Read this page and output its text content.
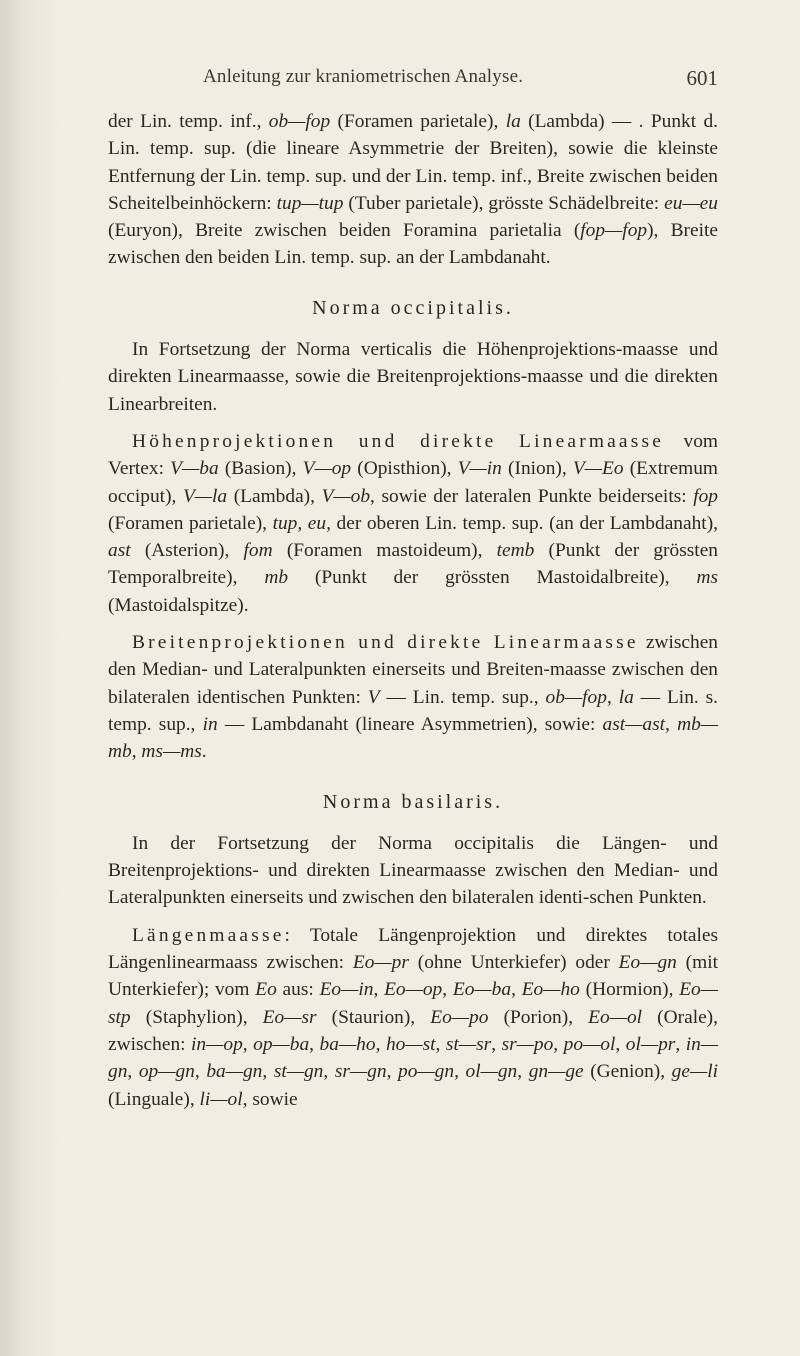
Anleitung zur kraniometrischen Analyse.	601

der Lin. temp. inf., ob—fop (Foramen parietale), la (Lambda) — . Punkt d. Lin. temp. sup. (die lineare Asymmetrie der Breiten), sowie die kleinste Entfernung der Lin. temp. sup. und der Lin. temp. inf., Breite zwischen beiden Scheitelbeinhöckern: tup—tup (Tuber parietale), grösste Schädelbreite: eu—eu (Euryon), Breite zwischen beiden Foramina parietalia (fop—fop), Breite zwischen den beiden Lin. temp. sup. an der Lambdanaht.

Norma occipitalis.

In Fortsetzung der Norma verticalis die Höhenprojektions-maasse und direkten Linearmaasse, sowie die Breitenprojektions-maasse und die direkten Linearbreiten.

Höhenprojektionen und direkte Linearmaasse vom Vertex: V—ba (Basion), V—op (Opisthion), V—in (Inion), V—Eo (Extremum occiput), V—la (Lambda), V—ob, sowie der lateralen Punkte beiderseits: fop (Foramen parietale), tup, eu, der oberen Lin. temp. sup. (an der Lambdanaht), ast (Asterion), fom (Foramen mastoideum), temb (Punkt der grössten Temporalbreite), mb (Punkt der grössten Mastoidalbreite), ms (Mastoidalspitze).

Breitenprojektionen und direkte Linearmaasse zwischen den Median- und Lateralpunkten einerseits und Breiten-maasse zwischen den bilateralen identischen Punkten: V — Lin. temp. sup., ob—fop, la — Lin. s. temp. sup., in — Lambdanaht (lineare Asymmetrien), sowie: ast—ast, mb—mb, ms—ms.

Norma basilaris.

In der Fortsetzung der Norma occipitalis die Längen- und Breitenprojektions- und direkten Linearmaasse zwischen den Median- und Lateralpunkten einerseits und zwischen den bilateralen identi-schen Punkten.

Längenmaasse: Totale Längenprojektion und direktes totales Längenlinearmaass zwischen: Eo—pr (ohne Unterkiefer) oder Eo—gn (mit Unterkiefer); vom Eo aus: Eo—in, Eo—op, Eo—ba, Eo—ho (Hormion), Eo—stp (Staphylion), Eo—sr (Staurion), Eo—po (Porion), Eo—ol (Orale), zwischen: in—op, op—ba, ba—ho, ho—st, st—sr, sr—po, po—ol, ol—pr, in—gn, op—gn, ba—gn, st—gn, sr—gn, po—gn, ol—gn, gn—ge (Genion), ge—li (Linguale), li—ol, sowie
